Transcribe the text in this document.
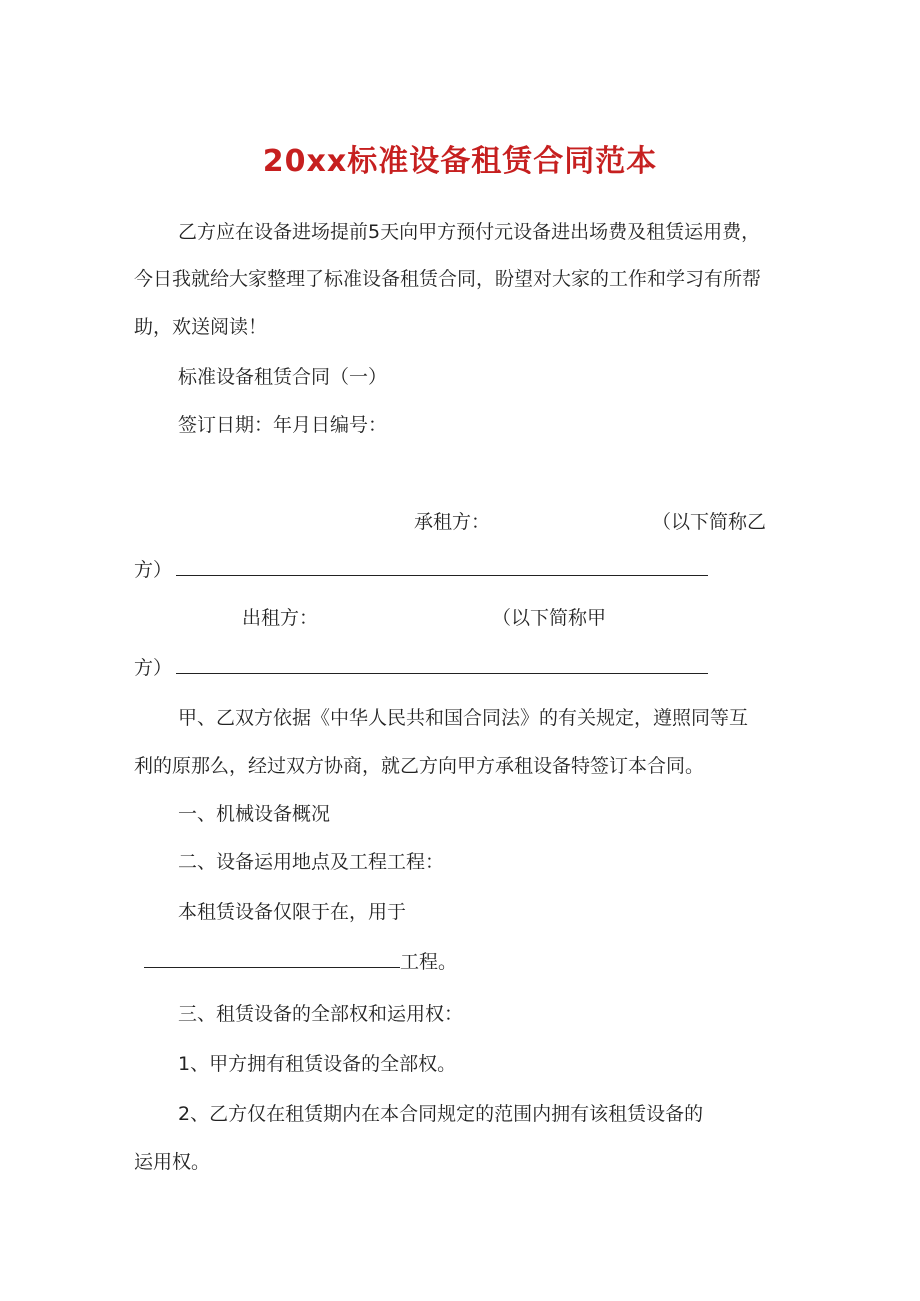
20xx标准设备租赁合同范本
乙方应在设备进场提前5天向甲方预付元设备进出场费及租赁运用费，
今日我就给大家整理了标准设备租赁合同，盼望对大家的工作和学习有所帮
助，欢送阅读！
标准设备租赁合同（一）
签订日期：年月日编号：
承租方：	（以下简称乙
方）
出租方：	（以下简称甲
方）
甲、乙双方依据《中华人民共和国合同法》的有关规定，遵照同等互
利的原那么，经过双方协商，就乙方向甲方承租设备特签订本合同。
一、机械设备概况
二、设备运用地点及工程工程：
本租赁设备仅限于在，用于
工程。
三、租赁设备的全部权和运用权：
1、甲方拥有租赁设备的全部权。
2、乙方仅在租赁期内在本合同规定的范围内拥有该租赁设备的
运用权。
